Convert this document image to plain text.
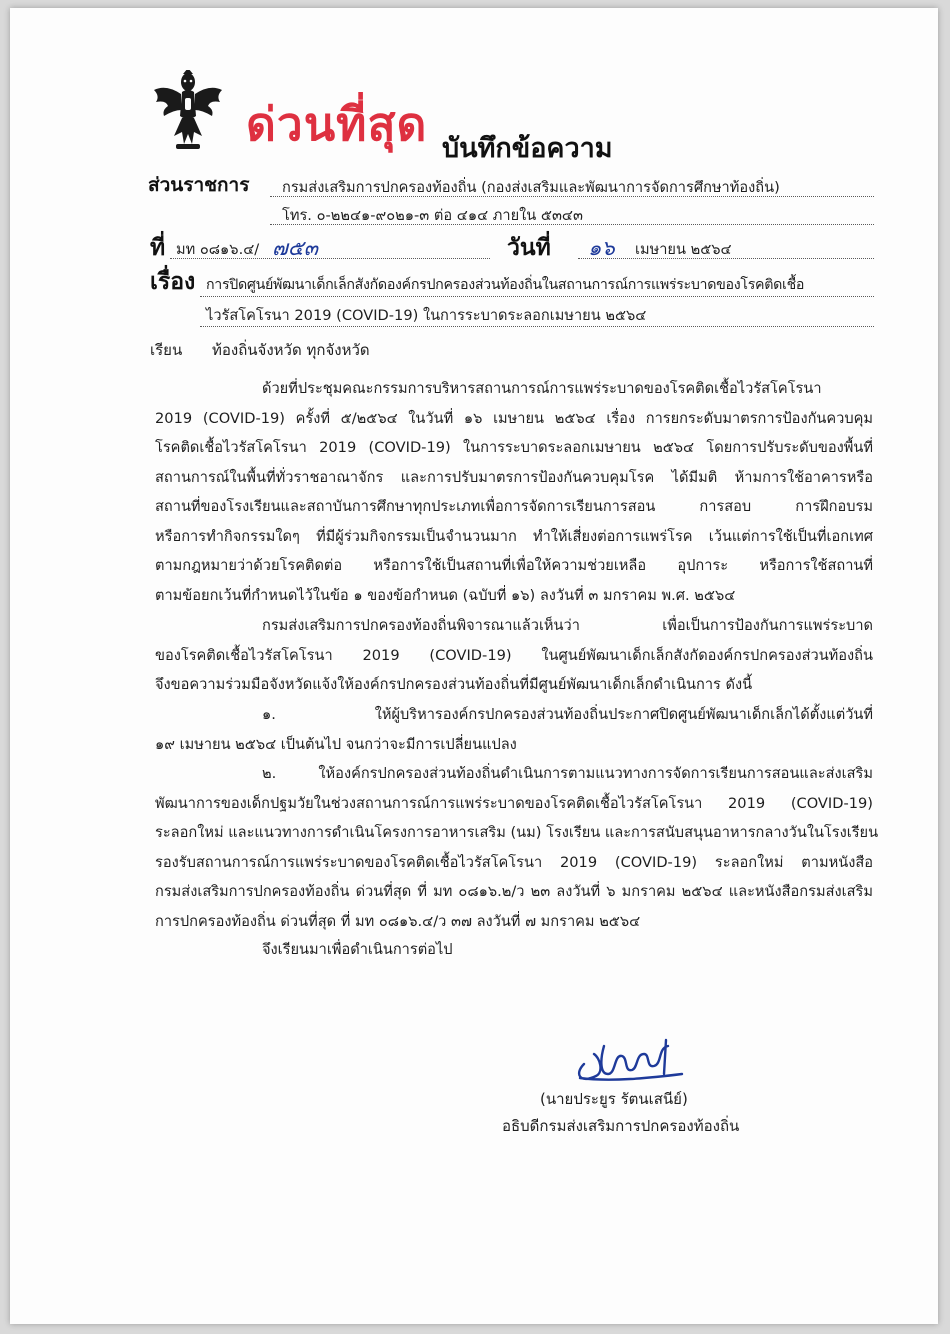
ด่วนที่สุด บันทึกข้อความ
ส่วนราชการ กรมส่งเสริมการปกครองท้องถิ่น (กองส่งเสริมและพัฒนาการจัดการศึกษาท้องถิ่น)
โทร. ๐-๒๒๔๑-๙๐๒๑-๓ ต่อ ๔๑๔ ภายใน ๕๓๔๓
ที่ มท ๐๘๑๖.๔/ ๗๕๓	วันที่ ๑๖ เมษายน ๒๕๖๔
เรื่อง การปิดศูนย์พัฒนาเด็กเล็กสังกัดองค์กรปกครองส่วนท้องถิ่นในสถานการณ์การแพร่ระบาดของโรคติดเชื้อ
ไวรัสโคโรนา 2019 (COVID-19) ในการระบาดระลอกเมษายน ๒๕๖๔
เรียน ท้องถิ่นจังหวัด ทุกจังหวัด
ด้วยที่ประชุมคณะกรรมการบริหารสถานการณ์การแพร่ระบาดของโรคติดเชื้อไวรัสโคโรนา
2019 (COVID-19) ครั้งที่ ๕/๒๕๖๔ ในวันที่ ๑๖ เมษายน ๒๕๖๔ เรื่อง การยกระดับมาตรการป้องกันควบคุม
โรคติดเชื้อไวรัสโคโรนา 2019 (COVID-19) ในการระบาดระลอกเมษายน ๒๕๖๔ โดยการปรับระดับของพื้นที่
สถานการณ์ในพื้นที่ทั่วราชอาณาจักร และการปรับมาตรการป้องกันควบคุมโรค ได้มีมติ ห้ามการใช้อาคารหรือ
สถานที่ของโรงเรียนและสถาบันการศึกษาทุกประเภทเพื่อการจัดการเรียนการสอน การสอบ การฝึกอบรม
หรือการทำกิจกรรมใดๆ ที่มีผู้ร่วมกิจกรรมเป็นจำนวนมาก ทำให้เสี่ยงต่อการแพร่โรค เว้นแต่การใช้เป็นที่เอกเทศ
ตามกฎหมายว่าด้วยโรคติดต่อ หรือการใช้เป็นสถานที่เพื่อให้ความช่วยเหลือ อุปการะ หรือการใช้สถานที่
ตามข้อยกเว้นที่กำหนดไว้ในข้อ ๑ ของข้อกำหนด (ฉบับที่ ๑๖) ลงวันที่ ๓ มกราคม พ.ศ. ๒๕๖๔
กรมส่งเสริมการปกครองท้องถิ่นพิจารณาแล้วเห็นว่า เพื่อเป็นการป้องกันการแพร่ระบาด
ของโรคติดเชื้อไวรัสโคโรนา 2019 (COVID-19) ในศูนย์พัฒนาเด็กเล็กสังกัดองค์กรปกครองส่วนท้องถิ่น
จึงขอความร่วมมือจังหวัดแจ้งให้องค์กรปกครองส่วนท้องถิ่นที่มีศูนย์พัฒนาเด็กเล็กดำเนินการ ดังนี้
๑. ให้ผู้บริหารองค์กรปกครองส่วนท้องถิ่นประกาศปิดศูนย์พัฒนาเด็กเล็กได้ตั้งแต่วันที่
๑๙ เมษายน ๒๕๖๔ เป็นต้นไป จนกว่าจะมีการเปลี่ยนแปลง
๒. ให้องค์กรปกครองส่วนท้องถิ่นดำเนินการตามแนวทางการจัดการเรียนการสอนและส่งเสริม
พัฒนาการของเด็กปฐมวัยในช่วงสถานการณ์การแพร่ระบาดของโรคติดเชื้อไวรัสโคโรนา 2019 (COVID-19)
ระลอกใหม่ และแนวทางการดำเนินโครงการอาหารเสริม (นม) โรงเรียน และการสนับสนุนอาหารกลางวันในโรงเรียน
รองรับสถานการณ์การแพร่ระบาดของโรคติดเชื้อไวรัสโคโรนา 2019 (COVID-19) ระลอกใหม่ ตามหนังสือ
กรมส่งเสริมการปกครองท้องถิ่น ด่วนที่สุด ที่ มท ๐๘๑๖.๒/ว ๒๓ ลงวันที่ ๖ มกราคม ๒๕๖๔ และหนังสือกรมส่งเสริม
การปกครองท้องถิ่น ด่วนที่สุด ที่ มท ๐๘๑๖.๔/ว ๓๗ ลงวันที่ ๗ มกราคม ๒๕๖๔
จึงเรียนมาเพื่อดำเนินการต่อไป
(นายประยูร รัตนเสนีย์)
อธิบดีกรมส่งเสริมการปกครองท้องถิ่น
